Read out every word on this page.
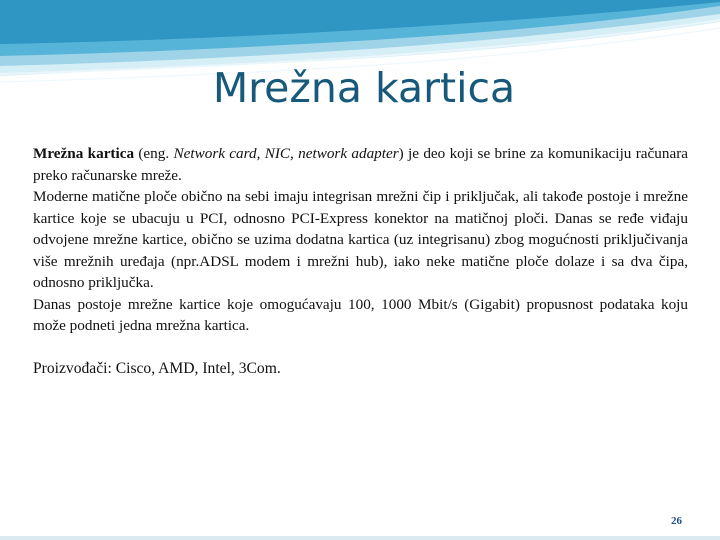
Mrežna kartica

Mrežna kartica (eng. Network card, NIC, network adapter) je deo koji se brine za komunikaciju računara preko računarske mreže.

Moderne matične ploče obično na sebi imaju integrisan mrežni čip i priključak, ali takođe postoje i mrežne kartice koje se ubacuju u PCI, odnosno PCI-Express konektor na matičnoj ploči. Danas se ređe viđaju odvojene mrežne kartice, obično se uzima dodatna kartica (uz integrisanu) zbog mogućnosti priključivanja više mrežnih uređaja (npr.ADSL modem i mrežni hub), iako neke matične ploče dolaze i sa dva čipa, odnosno priključka.

Danas postoje mrežne kartice koje omogućavaju 100, 1000 Mbit/s (Gigabit) propusnost podataka koju može podneti jedna mrežna kartica.

Proizvođači: Cisco, AMD, Intel, 3Com.
26
